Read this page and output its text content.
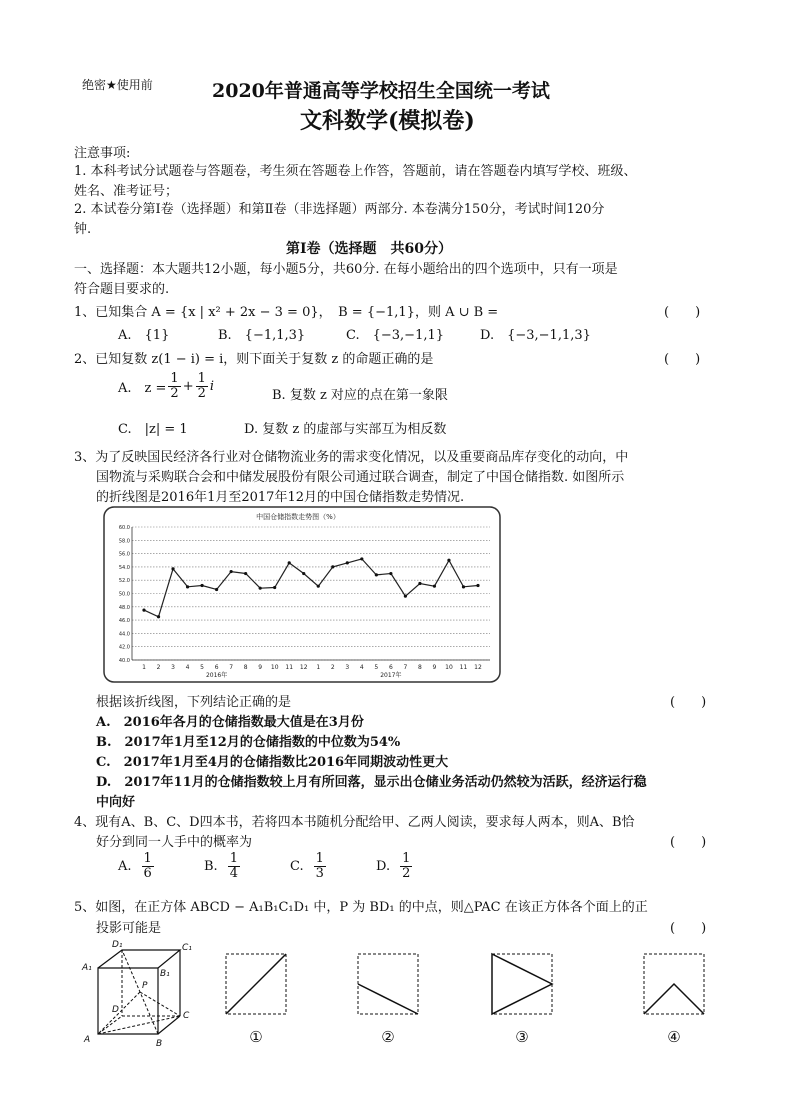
绝密★使用前	2020年普通高等学校招生全国统一考试
文科数学(模拟卷)
注意事项:
1. 本科考试分试题卷与答题卷，考生须在答题卷上作答，答题前，请在答题卷内填写学校、班级、
姓名、准考证号；
2. 本试卷分第Ⅰ卷（选择题）和第Ⅱ卷（非选择题）两部分. 本卷满分150分，考试时间120分
钟.
第Ⅰ卷（选择题　共60分）
一、选择题：本大题共12小题，每小题5分，共60分. 在每小题给出的四个选项中，只有一项是
符合题目要求的.
1、已知集合 A = {x | x² + 2x − 3 = 0}，　B = {−1,1}，则 A ∪ B =	(　　)
A.　{1}	B.　{−1,1,3}	C.　{−3,−1,1}	D.　{−3,−1,1,3}
2、已知复数 z(1 − i) = i，则下面关于复数 z 的命题正确的是	(　　)
A.　$z = \frac{1}{2} + \frac{1}{2}$ i
B. 复数 z 对应的点在第一象限
C.　|z| = 1	D. 复数 z 的虚部与实部互为相反数
3、为了反映国民经济各行业对仓储物流业务的需求变化情况，以及重要商品库存变化的动向，中
国物流与采购联合会和中储发展股份有限公司通过联合调查，制定了中国仓储指数. 如图所示
的折线图是2016年1月至2017年12月的中国仓储指数走势情况.
中国仓储指数走势图（%）
40.0
42.0
44.0
46.0
48.0
50.0
52.0
54.0
56.0
58.0
60.0
1 2 3 4 5 6 7 8 9 10 11 12 1 2 3 4 5 6 7 8 9 10 11 12
2016年	2017年
根据该折线图，下列结论正确的是	(　　)
A.　2016年各月的仓储指数最大值是在3月份
B.　2017年1月至12月的仓储指数的中位数为54%
C.　2017年1月至4月的仓储指数比2016年同期波动性更大
D.　2017年11月的仓储指数较上月有所回落，显示出仓储业务活动仍然较为活跃，经济运行稳
中向好
4、现有A、B、C、D四本书，若将四本书随机分配给甲、乙两人阅读，要求每人两本，则A、B恰
好分到同一人手中的概率为	(　　)
A. $\frac{1}{6}$	B. $\frac{1}{4}$	C. $\frac{1}{3}$	D. $\frac{1}{2}$
5、如图，在正方体 ABCD − A₁B₁C₁D₁ 中，P 为 BD₁ 的中点，则△PAC 在该正方体各个面上的正
投影可能是	(　　)
D₁	C₁
A₁
B₁
P
D
C
A	B	①	②	③	④
